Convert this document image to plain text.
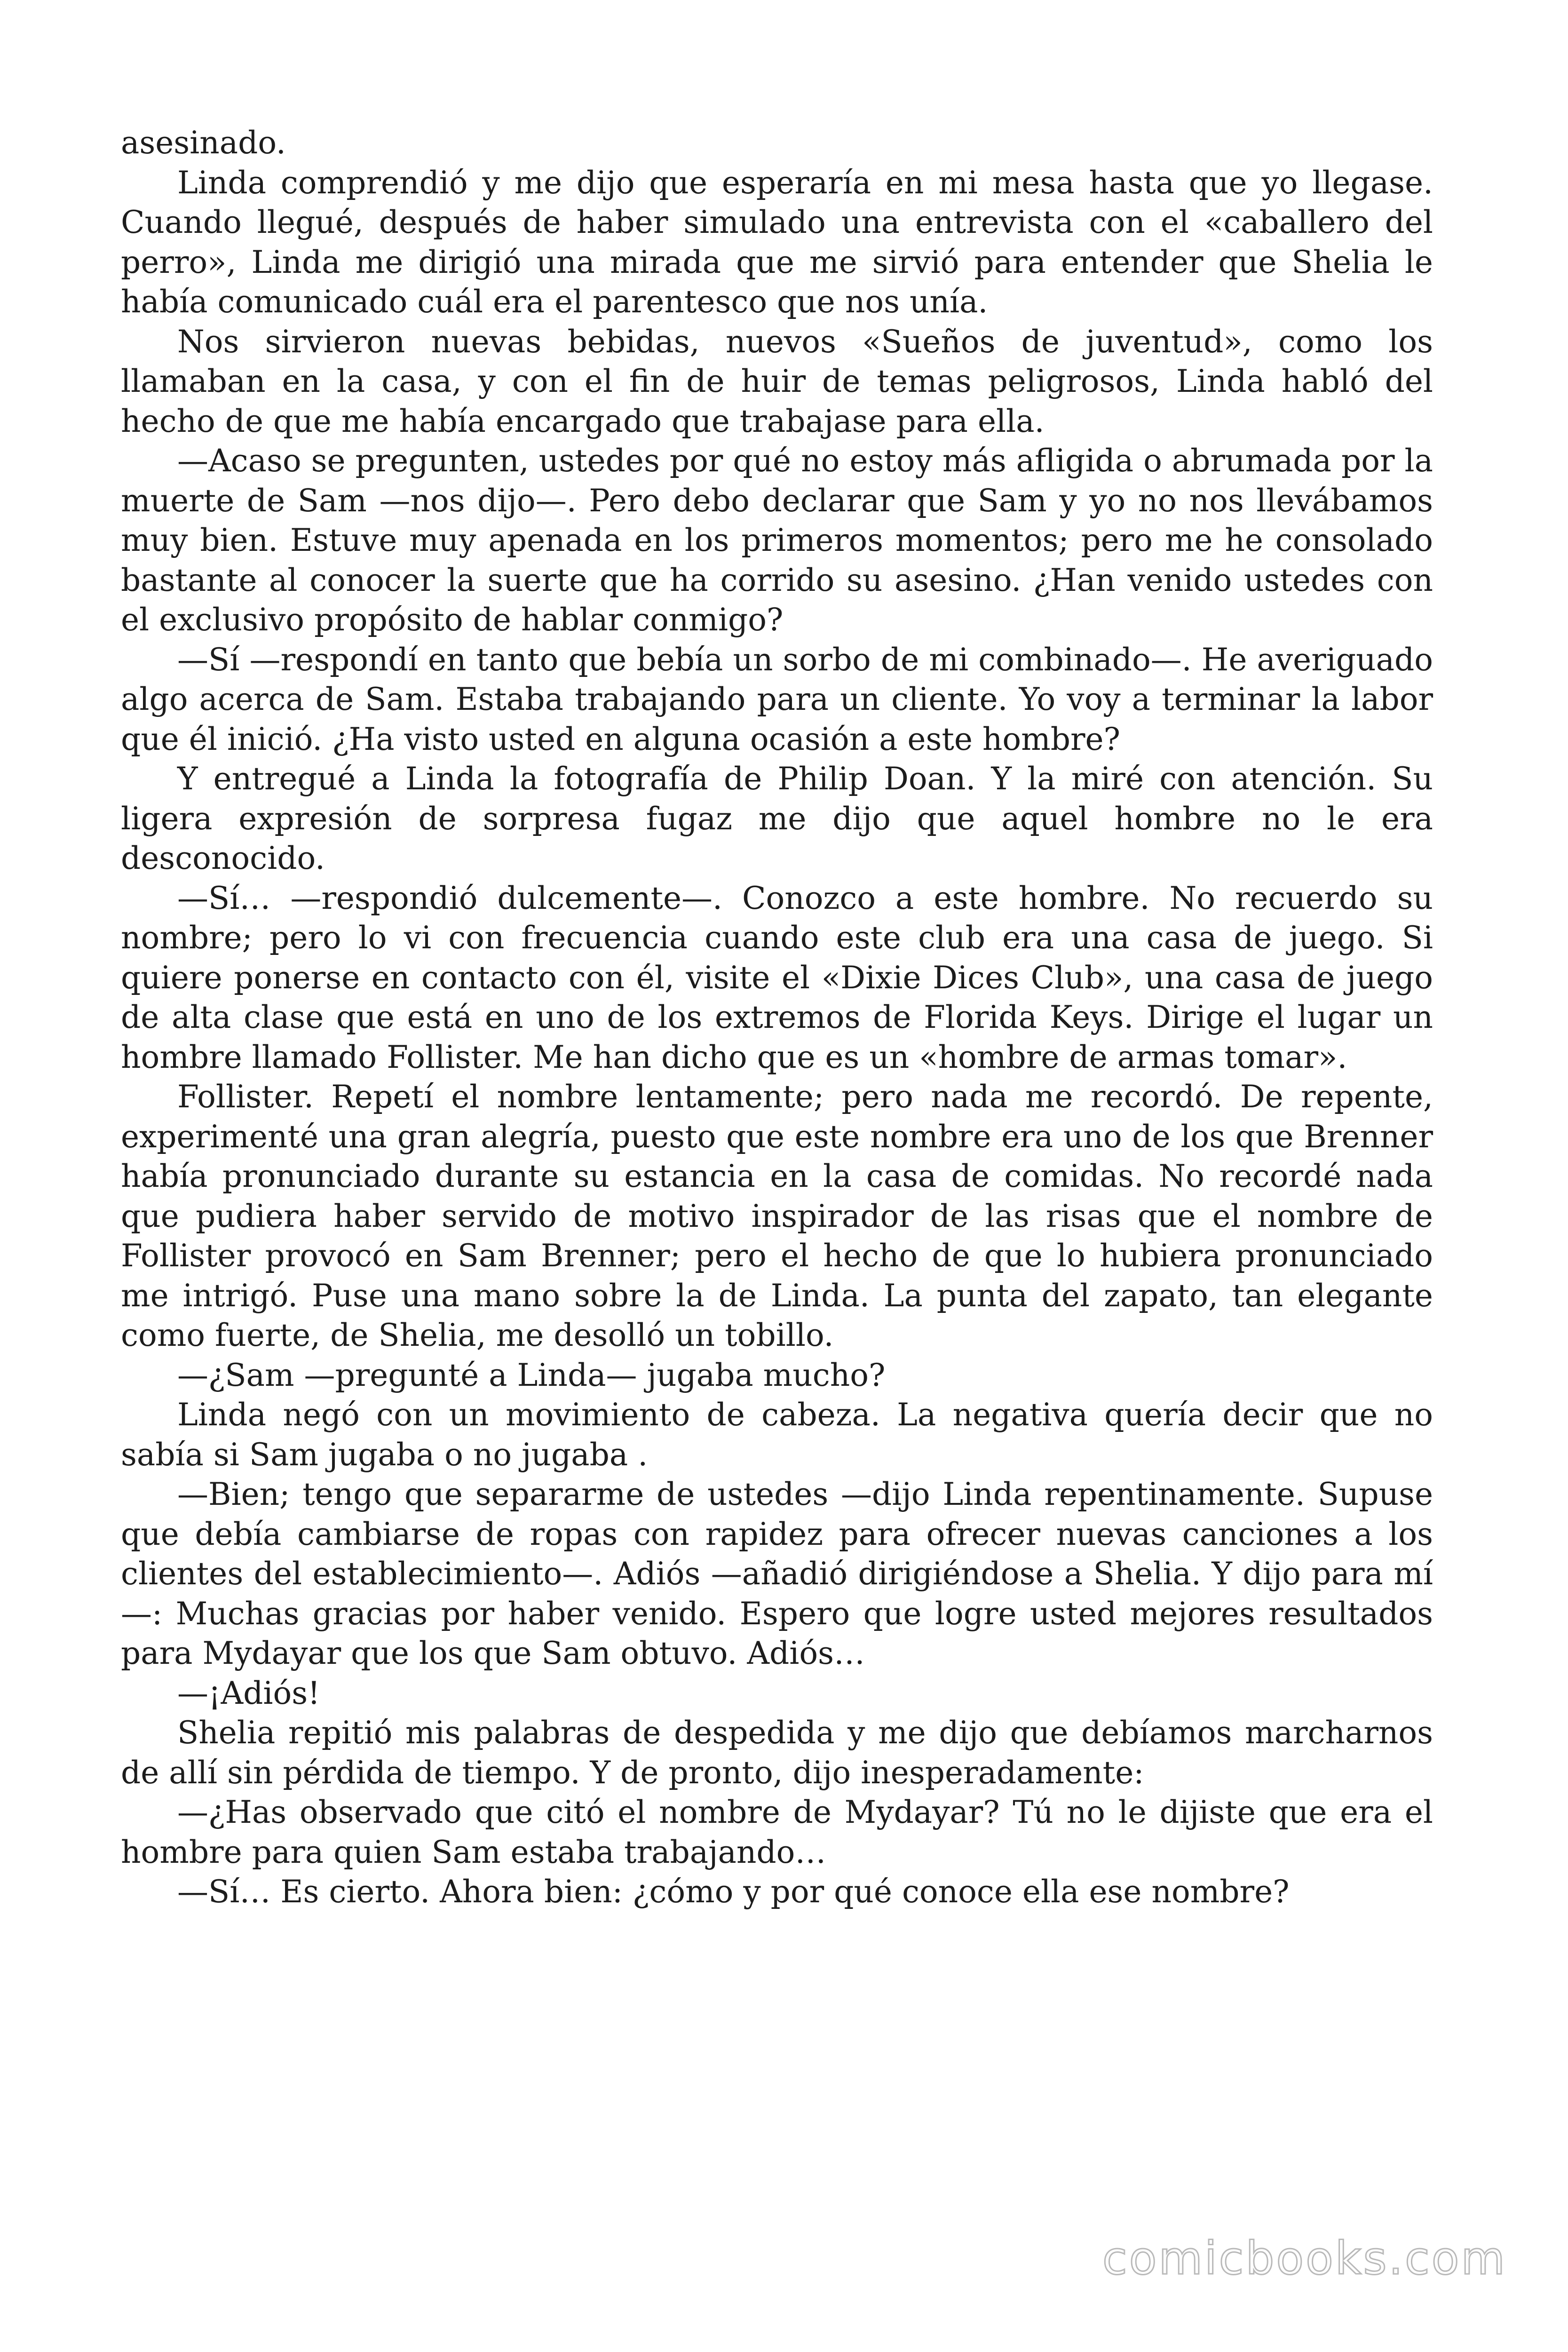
asesinado.

Linda comprendió y me dijo que esperaría en mi mesa hasta que yo llegase. Cuando llegué, después de haber simulado una entrevista con el «caballero del perro», Linda me dirigió una mirada que me sirvió para entender que Shelia le había comunicado cuál era el parentesco que nos unía.

Nos sirvieron nuevas bebidas, nuevos «Sueños de juventud», como los llamaban en la casa, y con el fin de huir de temas peligrosos, Linda habló del hecho de que me había encargado que trabajase para ella.

—Acaso se pregunten, ustedes por qué no estoy más afligida o abrumada por la muerte de Sam —nos dijo—. Pero debo declarar que Sam y yo no nos llevábamos muy bien. Estuve muy apenada en los primeros momentos; pero me he consolado bastante al conocer la suerte que ha corrido su asesino. ¿Han venido ustedes con el exclusivo propósito de hablar conmigo?

—Sí —respondí en tanto que bebía un sorbo de mi combinado—. He averiguado algo acerca de Sam. Estaba trabajando para un cliente. Yo voy a terminar la labor que él inició. ¿Ha visto usted en alguna ocasión a este hombre?

Y entregué a Linda la fotografía de Philip Doan. Y la miré con atención. Su ligera expresión de sorpresa fugaz me dijo que aquel hombre no le era desconocido.

—Sí… —respondió dulcemente—. Conozco a este hombre. No recuerdo su nombre; pero lo vi con frecuencia cuando este club era una casa de juego. Si quiere ponerse en contacto con él, visite el «Dixie Dices Club», una casa de juego de alta clase que está en uno de los extremos de Florida Keys. Dirige el lugar un hombre llamado Follister. Me han dicho que es un «hombre de armas tomar».

Follister. Repetí el nombre lentamente; pero nada me recordó. De repente, experimenté una gran alegría, puesto que este nombre era uno de los que Brenner había pronunciado durante su estancia en la casa de comidas. No recordé nada que pudiera haber servido de motivo inspirador de las risas que el nombre de Follister provocó en Sam Brenner; pero el hecho de que lo hubiera pronunciado me intrigó. Puse una mano sobre la de Linda. La punta del zapato, tan elegante como fuerte, de Shelia, me desolló un tobillo.

—¿Sam —pregunté a Linda— jugaba mucho?

Linda negó con un movimiento de cabeza. La negativa quería decir que no sabía si Sam jugaba o no jugaba .

—Bien; tengo que separarme de ustedes —dijo Linda repentinamente. Supuse que debía cambiarse de ropas con rapidez para ofrecer nuevas canciones a los clientes del establecimiento—. Adiós —añadió dirigiéndose a Shelia. Y dijo para mí—: Muchas gracias por haber venido. Espero que logre usted mejores resultados para Mydayar que los que Sam obtuvo. Adiós…

—¡Adiós!

Shelia repitió mis palabras de despedida y me dijo que debíamos marcharnos de allí sin pérdida de tiempo. Y de pronto, dijo inesperadamente:

—¿Has observado que citó el nombre de Mydayar? Tú no le dijiste que era el hombre para quien Sam estaba trabajando…

—Sí… Es cierto. Ahora bien: ¿cómo y por qué conoce ella ese nombre?

comicbooks.com
